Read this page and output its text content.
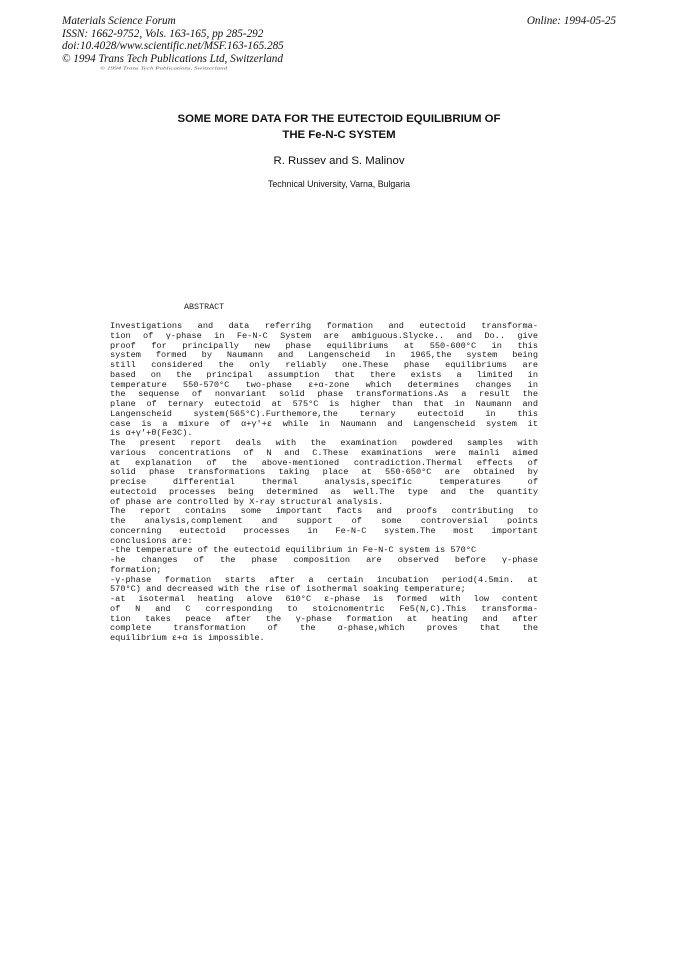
Materials Science Forum
ISSN: 1662-9752, Vols. 163-165, pp 285-292
doi:10.4028/www.scientific.net/MSF.163-165.285
© 1994 Trans Tech Publications Ltd, Switzerland
Online: 1994-05-25
© 1994 Trans Tech Publications, Switzerland
SOME MORE DATA FOR THE EUTECTOID EQUILIBRIUM OF
THE Fe-N-C SYSTEM
R. Russev and S. Malinov
Technical University, Varna, Bulgaria
ABSTRACT
Investigations and data referrihg formation and eutectoid transforma-
tion of γ-phase in Fe-N-C System are ambiguous.Slycke.. and Do.. give
proof for principally new phase equilibriums at 550-600°C in this
system formed by Naumann and Langenscheid in 1965,the system being
still considered the only reliably one.These phase equilibriums are
based on the principal assumption that there exists a limited in
temperature 550-570°C two-phase ε+α-zone which determines changes in
the sequense of nonvariant solid phase transformations.As a result the
plane of ternary eutectoid at 575°C is higher than that in Naumann and
Langenscheid system(565°C).Furthemore,the ternary eutectoid in this
case is a mixure of α+γ'+ε while in Naumann and Langenscheid system it
is α+γ'+θ(Fe3C).
The present report deals with the examination powdered samples with
various concentrations of N and C.These examinations were mainli aimed
at explanation of the above-mentioned contradiction.Thermal effects of
solid phase transformations taking place at 550-650°C are obtained by
precise differential thermal analysis,specific temperatures of
eutectoid processes being determined as well.The type and the quantity
of phase are controlled by X-ray structural analysis.
The report contains some important facts and proofs contributing to
the analysis,complement and support of some controversial points
concerning eutectoid processes in Fe-N-C system.The most important
conclusions are:
-the temperature of the eutectoid equilibrium in Fe-N-C system is 570°C
-he changes of the phase composition are observed before γ-phase
formation;
-γ-phase formation starts after a certain incubation period(4.5min. at
570°C) and decreased with the rise of isothermal soaking temperature;
-at isotermal heating alove 610°C ε-phase is formed with low content
of N and C corresponding to stoicnomentric Fe5(N,C).This transforma-
tion takes peace after the γ-phase formation at heating and after
complete transformation of the α-phase,which proves that the
equilibrium ε+α is impossible.
